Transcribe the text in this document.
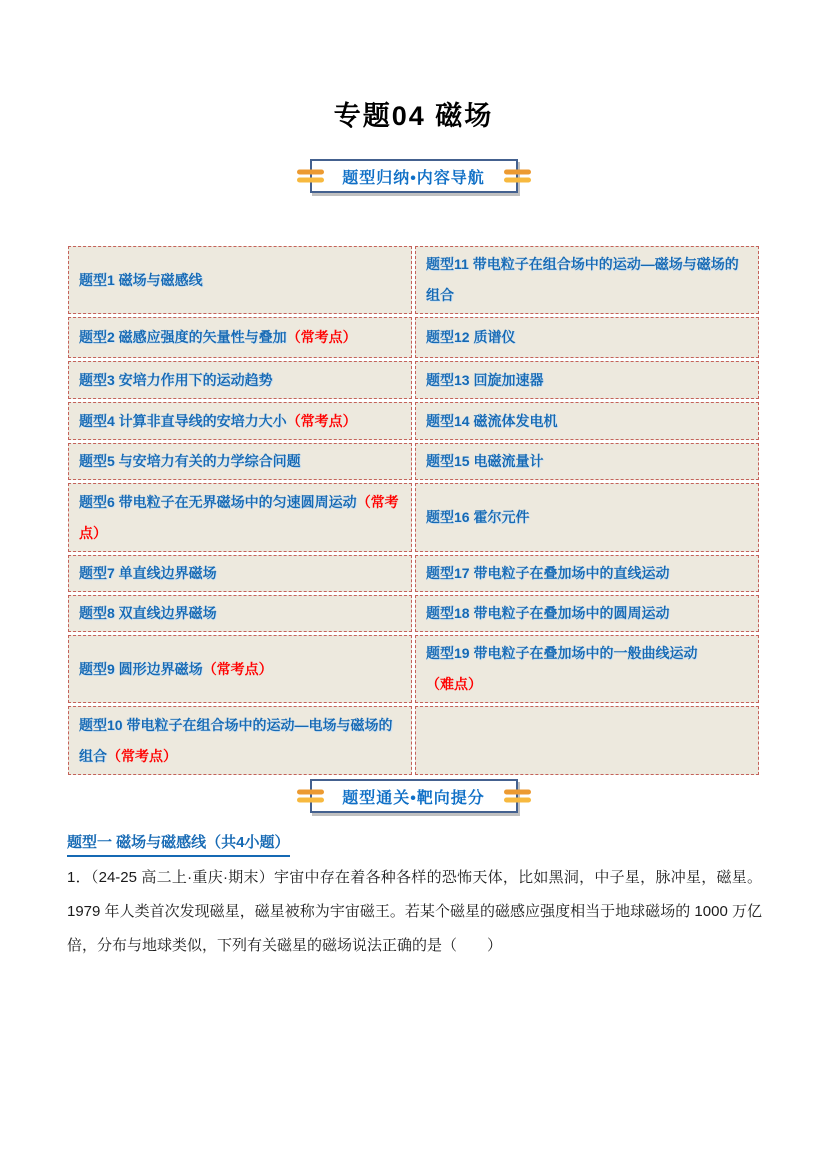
专题04 磁场
题型归纳•内容导航
题型1 磁场与磁感线	题型11 带电粒子在组合场中的运动—磁场与磁场的组合
题型2 磁感应强度的矢量性与叠加（常考点）	题型12 质谱仪
题型3 安培力作用下的运动趋势	题型13 回旋加速器
题型4 计算非直导线的安培力大小（常考点）	题型14 磁流体发电机
题型5 与安培力有关的力学综合问题	题型15 电磁流量计
题型6 带电粒子在无界磁场中的匀速圆周运动（常考点）	题型16 霍尔元件
题型7 单直线边界磁场	题型17 带电粒子在叠加场中的直线运动
题型8 双直线边界磁场	题型18 带电粒子在叠加场中的圆周运动
题型9 圆形边界磁场（常考点）	题型19 带电粒子在叠加场中的一般曲线运动（难点）
题型10 带电粒子在组合场中的运动—电场与磁场的组合（常考点）	
题型通关•靶向提分
题型一 磁场与磁感线（共4小题）

1．（24-25 高二上·重庆·期末）宇宙中存在着各种各样的恐怖天体，比如黑洞，中子星，脉冲星，磁星。1979 年人类首次发现磁星，磁星被称为宇宙磁王。若某个磁星的磁感应强度相当于地球磁场的 1000 万亿倍，分布与地球类似，下列有关磁星的磁场说法正确的是（　　）
